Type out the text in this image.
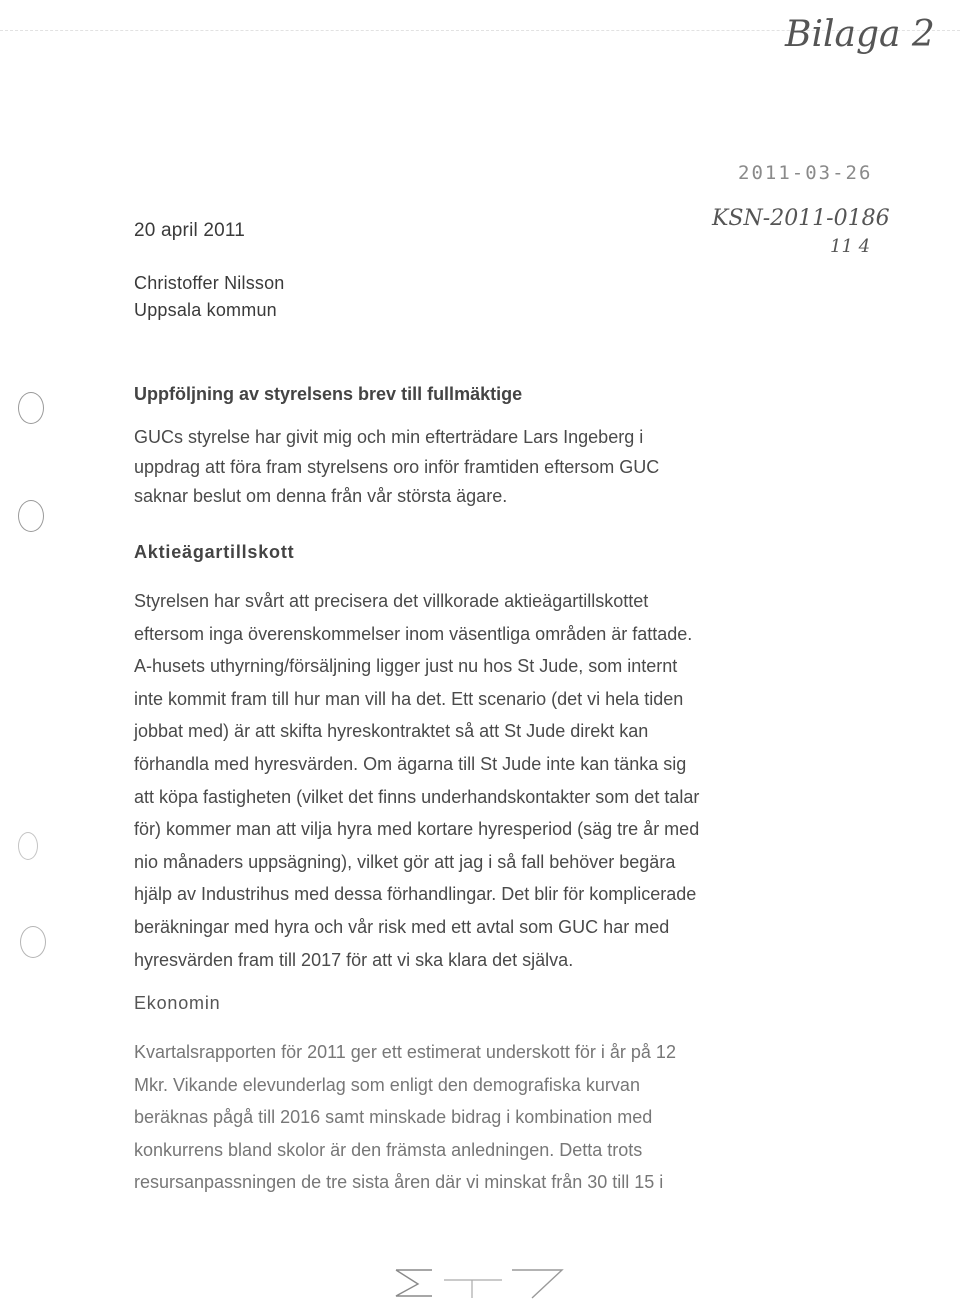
Bilaga 2
2011-03-26
KSN-2011-0186
11 4
20 april 2011
Christoffer Nilsson
Uppsala kommun
Uppföljning av styrelsens brev till fullmäktige
GUCs styrelse har givit mig och min efterträdare Lars Ingeberg i
uppdrag att föra fram styrelsens oro inför framtiden eftersom GUC
saknar beslut om denna från vår största ägare.
Aktieägartillskott
Styrelsen har svårt att precisera det villkorade aktieägartillskottet
eftersom inga överenskommelser inom väsentliga områden är fattade.
A-husets uthyrning/försäljning ligger just nu hos St Jude, som internt
inte kommit fram till hur man vill ha det. Ett scenario (det vi hela tiden
jobbat med) är att skifta hyreskontraktet så att St Jude direkt kan
förhandla med hyresvärden. Om ägarna till St Jude inte kan tänka sig
att köpa fastigheten (vilket det finns underhandskontakter som det talar
för) kommer man att vilja hyra med kortare hyresperiod (säg tre år med
nio månaders uppsägning), vilket gör att jag i så fall behöver begära
hjälp av Industrihus med dessa förhandlingar. Det blir för komplicerade
beräkningar med hyra och vår risk med ett avtal som GUC har med
hyresvärden fram till 2017 för att vi ska klara det själva.
Ekonomin
Kvartalsrapporten för 2011 ger ett estimerat underskott för i år på 12
Mkr. Vikande elevunderlag som enligt den demografiska kurvan
beräknas pågå till 2016 samt minskade bidrag i kombination med
konkurrens bland skolor är den främsta anledningen. Detta trots
resursanpassningen de tre sista åren där vi minskat från 30 till 15 i
